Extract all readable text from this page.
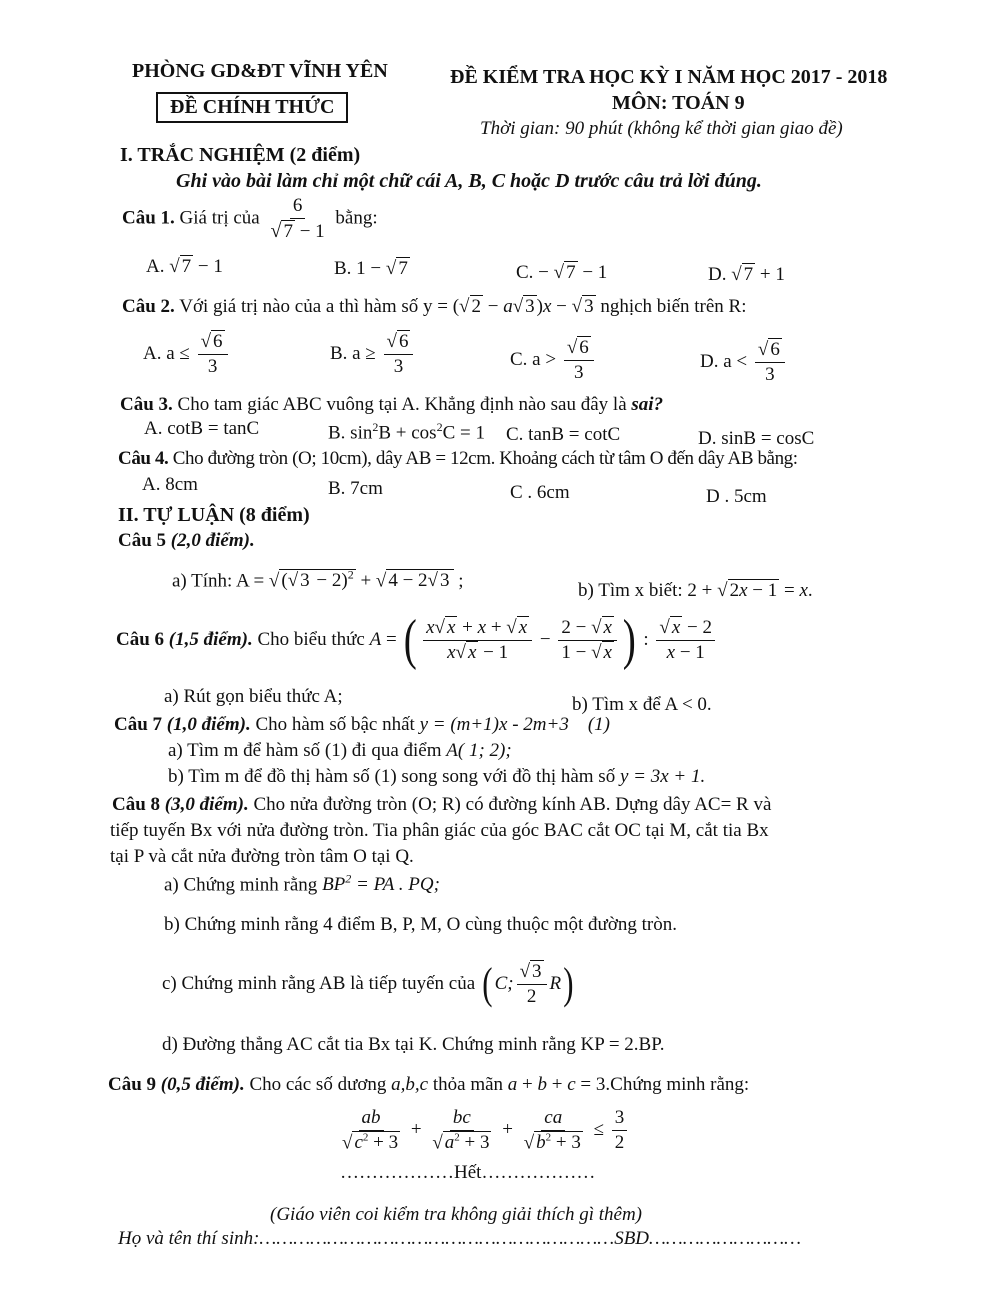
PHÒNG GD&ĐT VĨNH YÊN
ĐỀ CHÍNH THỨC
ĐỀ KIỂM TRA HỌC KỲ I NĂM HỌC 2017 - 2018
MÔN: TOÁN 9
Thời gian: 90 phút (không kể thời gian giao đề)
I. TRẮC NGHIỆM (2 điểm)
Ghi vào bài làm chỉ một chữ cái A, B, C hoặc D trước câu trả lời đúng.
Câu 1. Giá trị của $\frac{6}{√ 7 - 1}$ bằng:
A. √ 7 − 1	B. 1 − √ 7	C. − √ 7 − 1	D. √ 7 + 1
Câu 2. Với giá trị nào của a thì hàm số y = (√ 2 − a√ 3 )x − √ 3 nghịch biến trên R:
A. $a \le \frac{√ 6}{3}$	B. $a \ge \frac{√ 6}{3}$	C. $a > \frac{√ 6}{3}$	D. $a < \frac{√ 6}{3}$
Câu 3. Cho tam giác ABC vuông tại A. Khẳng định nào sau đây là sai?
A. cotB = tanC	B. $\sin^2B + \cos^2C = 1$ C. tanB = cotC	D. sinB = cosC
Câu 4. Cho đường tròn (O; 10cm), dây AB = 12cm. Khoảng cách từ tâm O đến dây AB bằng:
A. 8cm	B. 7cm	C . 6cm	D . 5cm
II. TỰ LUẬN (8 điểm)
Câu 5 (2,0 điểm).
a) Tính: A = √ (√ 3 − 2)$^2$ + √ 4 − 2√ 3 ;	b) Tìm x biết: 2 + √ 2x − 1 = x.
Câu 6 (1,5 điểm). Cho biểu thức A = ( $\frac{x√ x + x + √ x}{x√ x - 1} - \frac{2 - √ x}{1 - √ x}$ ) : $\frac{√ x - 2}{x - 1}$
a) Rút gọn biểu thức A;	b) Tìm x để A < 0.
Câu 7 (1,0 điểm). Cho hàm số bậc nhất y = (m+1)x - 2m+3    (1)
a) Tìm m để hàm số (1) đi qua điểm A( 1; 2);
b) Tìm m để đồ thị hàm số (1) song song với đồ thị hàm số y = 3x + 1.
Câu 8 (3,0 điểm). Cho nửa đường tròn (O; R) có đường kính AB. Dựng dây AC= R và
tiếp tuyến Bx với nửa đường tròn. Tia phân giác của góc BAC cắt OC tại M, cắt tia Bx
tại P và cắt nửa đường tròn tâm O tại Q.
a) Chứng minh rằng $BP^2$ = PA . PQ;
b) Chứng minh rằng 4 điểm B, P, M, O cùng thuộc một đường tròn.
c) Chứng minh rằng AB là tiếp tuyến của ( C; $\frac{√ 3}{2} R$)
d) Đường thẳng AC cắt tia Bx tại K. Chứng minh rằng KP = 2.BP.
Câu 9 (0,5 điểm). Cho các số dương a,b,c thỏa mãn a + b + c = 3.Chứng minh rằng:
$\frac{ab}{√ c^2 + 3} + \frac{bc}{√ a^2 + 3} + \frac{ca}{√ b^2 + 3} \le \frac{3}{2}$
………………Hết………………
(Giáo viên coi kiểm tra không giải thích gì thêm)
Họ và tên thí sinh:………………………………………………………SBD………………………
